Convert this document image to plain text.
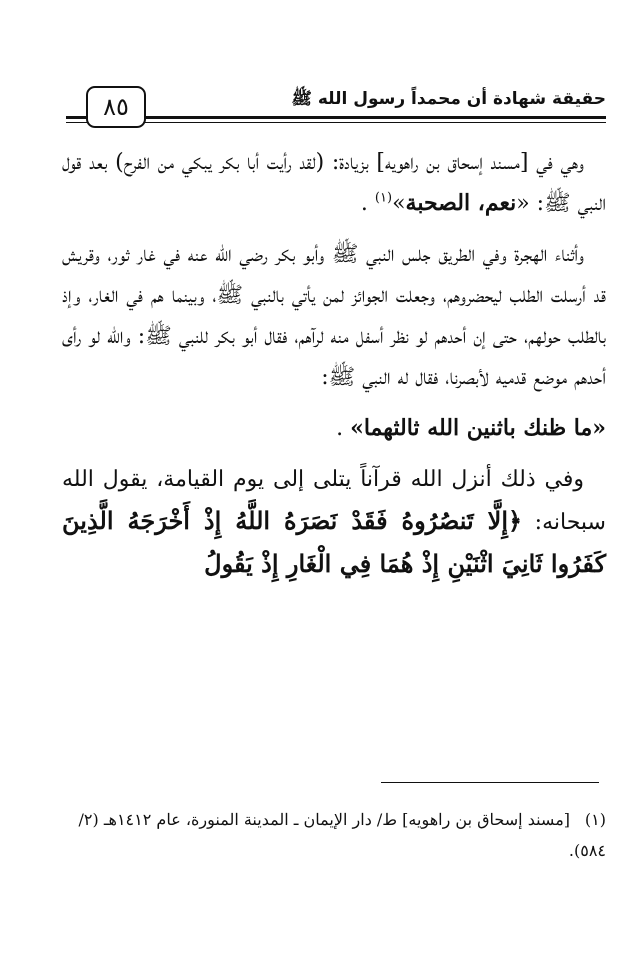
حقيقة شهادة أن محمداً رسول الله ﷺ
٨٥

وهي في [مسند إسحاق بن راهويه] بزيادة: (لقد رأيت أبا بكر يبكي من الفرح) بعد قول النبي ﷺ: «نعم، الصحبة»$^{(١)}$ .

وأثناء الهجرة وفي الطريق جلس النبي ﷺ وأبو بكر رضي الله عنه في غار ثور، وقريش قد أرسلت الطلب ليحضروهم، وجعلت الجوائز لمن يأتي بالنبي ﷺ، وبينما هم في الغار، وإذ بالطلب حولهم، حتى إن أحدهم لو نظر أسفل منه لرآهم، فقال أبو بكر للنبي ﷺ: والله لو رأى أحدهم موضع قدميه لأبصرنا، فقال له النبي ﷺ:

«ما ظنك باثنين الله ثالثهما» .

وفي ذلك أنزل الله قرآناً يتلى إلى يوم القيامة، يقول الله سبحانه: ﴿إِلَّا تَنصُرُوهُ فَقَدْ نَصَرَهُ اللَّهُ إِذْ أَخْرَجَهُ الَّذِينَ كَفَرُوا ثَانِيَ اثْنَيْنِ إِذْ هُمَا فِي الْغَارِ إِذْ يَقُولُ

(١)[مسند إسحاق بن راهويه] ط/ دار الإيمان ـ المدينة المنورة، عام ١٤١٢هـ (٢/ ٥٨٤).
